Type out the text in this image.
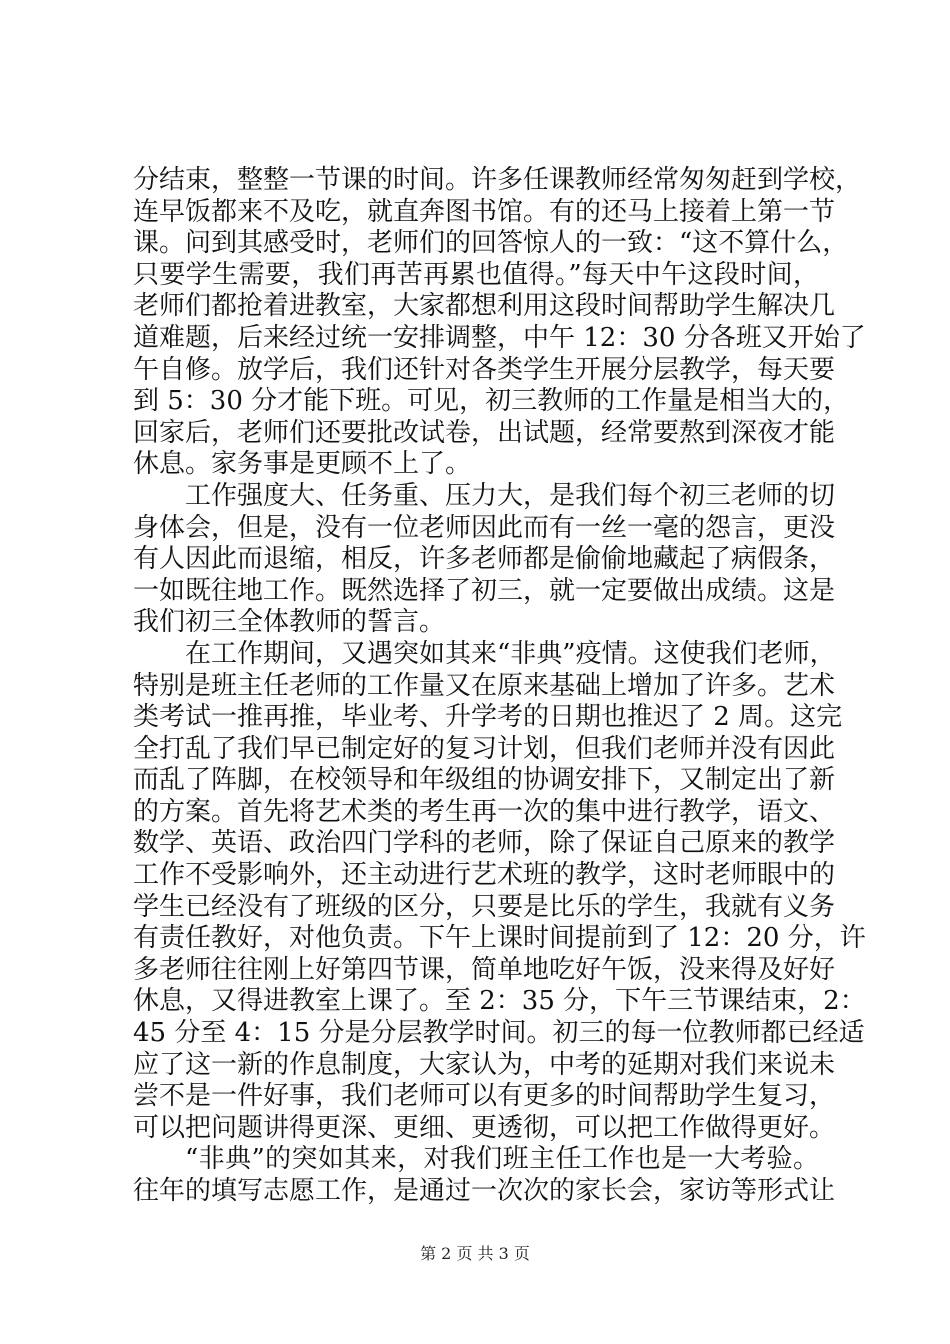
分结束，整整一节课的时间。许多任课教师经常匆匆赶到学校，
连早饭都来不及吃，就直奔图书馆。有的还马上接着上第一节
课。问到其感受时，老师们的回答惊人的一致：“这不算什么，
只要学生需要，我们再苦再累也值得。”每天中午这段时间，
老师们都抢着进教室，大家都想利用这段时间帮助学生解决几
道难题，后来经过统一安排调整，中午 12：30 分各班又开始了
午自修。放学后，我们还针对各类学生开展分层教学，每天要
到 5：30 分才能下班。可见，初三教师的工作量是相当大的，
回家后，老师们还要批改试卷，出试题，经常要熬到深夜才能
休息。家务事是更顾不上了。
工作强度大、任务重、压力大，是我们每个初三老师的切
身体会，但是，没有一位老师因此而有一丝一毫的怨言，更没
有人因此而退缩，相反，许多老师都是偷偷地藏起了病假条，
一如既往地工作。既然选择了初三，就一定要做出成绩。这是
我们初三全体教师的誓言。
在工作期间，又遇突如其来“非典”疫情。这使我们老师，
特别是班主任老师的工作量又在原来基础上增加了许多。艺术
类考试一推再推，毕业考、升学考的日期也推迟了 2 周。这完
全打乱了我们早已制定好的复习计划，但我们老师并没有因此
而乱了阵脚，在校领导和年级组的协调安排下，又制定出了新
的方案。首先将艺术类的考生再一次的集中进行教学，语文、
数学、英语、政治四门学科的老师，除了保证自己原来的教学
工作不受影响外，还主动进行艺术班的教学，这时老师眼中的
学生已经没有了班级的区分，只要是比乐的学生，我就有义务
有责任教好，对他负责。下午上课时间提前到了 12：20 分，许
多老师往往刚上好第四节课，简单地吃好午饭，没来得及好好
休息，又得进教室上课了。至 2：35 分，下午三节课结束，2：
45 分至 4：15 分是分层教学时间。初三的每一位教师都已经适
应了这一新的作息制度，大家认为，中考的延期对我们来说未
尝不是一件好事，我们老师可以有更多的时间帮助学生复习，
可以把问题讲得更深、更细、更透彻，可以把工作做得更好。
“非典”的突如其来，对我们班主任工作也是一大考验。
往年的填写志愿工作，是通过一次次的家长会，家访等形式让
第 2 页 共 3 页
